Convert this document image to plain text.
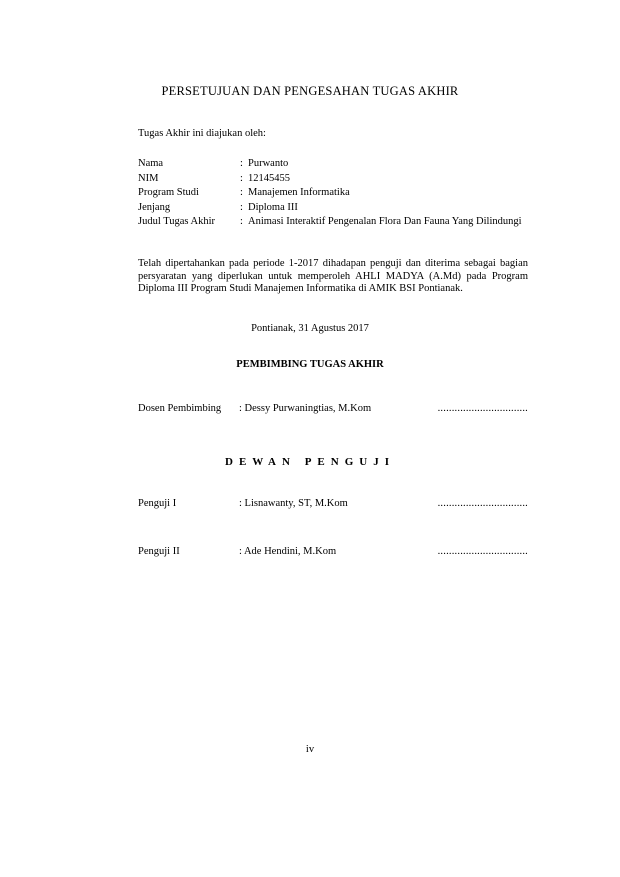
PERSETUJUAN DAN PENGESAHAN TUGAS AKHIR
Tugas Akhir ini diajukan oleh:
Nama	:	Purwanto
NIM	:	12145455
Program Studi	:	Manajemen Informatika
Jenjang	:	Diploma III
Judul Tugas Akhir	:	Animasi Interaktif Pengenalan Flora Dan Fauna Yang Dilindungi

Telah dipertahankan pada periode 1-2017 dihadapan penguji dan diterima sebagai bagian persyaratan yang diperlukan untuk memperoleh AHLI MADYA (A.Md) pada Program Diploma III Program Studi Manajemen Informatika di AMIK BSI Pontianak.

Pontianak, 31 Agustus 2017
PEMBIMBING TUGAS AKHIR
Dosen Pembimbing : Dessy Purwaningtias, M.Kom	................................
DEWAN PENGUJI
Penguji I	: Lisnawanty, ST, M.Kom	................................
Penguji II	: Ade Hendini, M.Kom	................................
iv
